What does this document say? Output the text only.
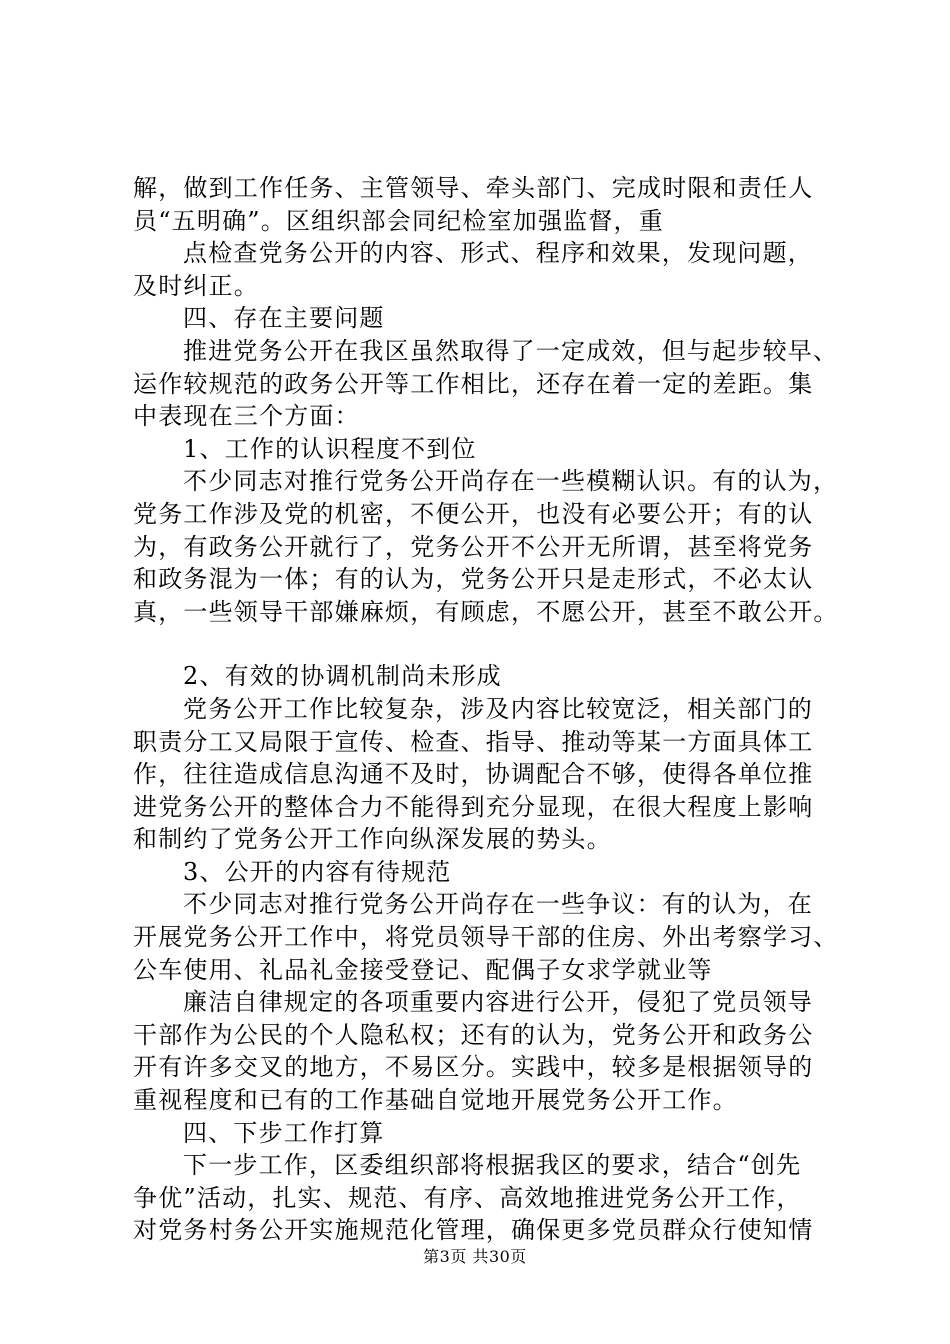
解，做到工作任务、主管领导、牵头部门、完成时限和责任人
员“五明确”。区组织部会同纪检室加强监督，重
点检查党务公开的内容、形式、程序和效果，发现问题，
及时纠正。
四、存在主要问题
推进党务公开在我区虽然取得了一定成效，但与起步较早、
运作较规范的政务公开等工作相比，还存在着一定的差距。集
中表现在三个方面：
1、工作的认识程度不到位
不少同志对推行党务公开尚存在一些模糊认识。有的认为，
党务工作涉及党的机密，不便公开，也没有必要公开；有的认
为，有政务公开就行了，党务公开不公开无所谓，甚至将党务
和政务混为一体；有的认为，党务公开只是走形式，不必太认
真，一些领导干部嫌麻烦，有顾虑，不愿公开，甚至不敢公开。
2、有效的协调机制尚未形成
党务公开工作比较复杂，涉及内容比较宽泛，相关部门的
职责分工又局限于宣传、检查、指导、推动等某一方面具体工
作，往往造成信息沟通不及时，协调配合不够，使得各单位推
进党务公开的整体合力不能得到充分显现，在很大程度上影响
和制约了党务公开工作向纵深发展的势头。
3、公开的内容有待规范
不少同志对推行党务公开尚存在一些争议：有的认为，在
开展党务公开工作中，将党员领导干部的住房、外出考察学习、
公车使用、礼品礼金接受登记、配偶子女求学就业等
廉洁自律规定的各项重要内容进行公开，侵犯了党员领导
干部作为公民的个人隐私权；还有的认为，党务公开和政务公
开有许多交叉的地方，不易区分。实践中，较多是根据领导的
重视程度和已有的工作基础自觉地开展党务公开工作。
四、下步工作打算
下一步工作，区委组织部将根据我区的要求，结合“创先
争优”活动，扎实、规范、有序、高效地推进党务公开工作，
对党务村务公开实施规范化管理，确保更多党员群众行使知情
第3页 共30页
